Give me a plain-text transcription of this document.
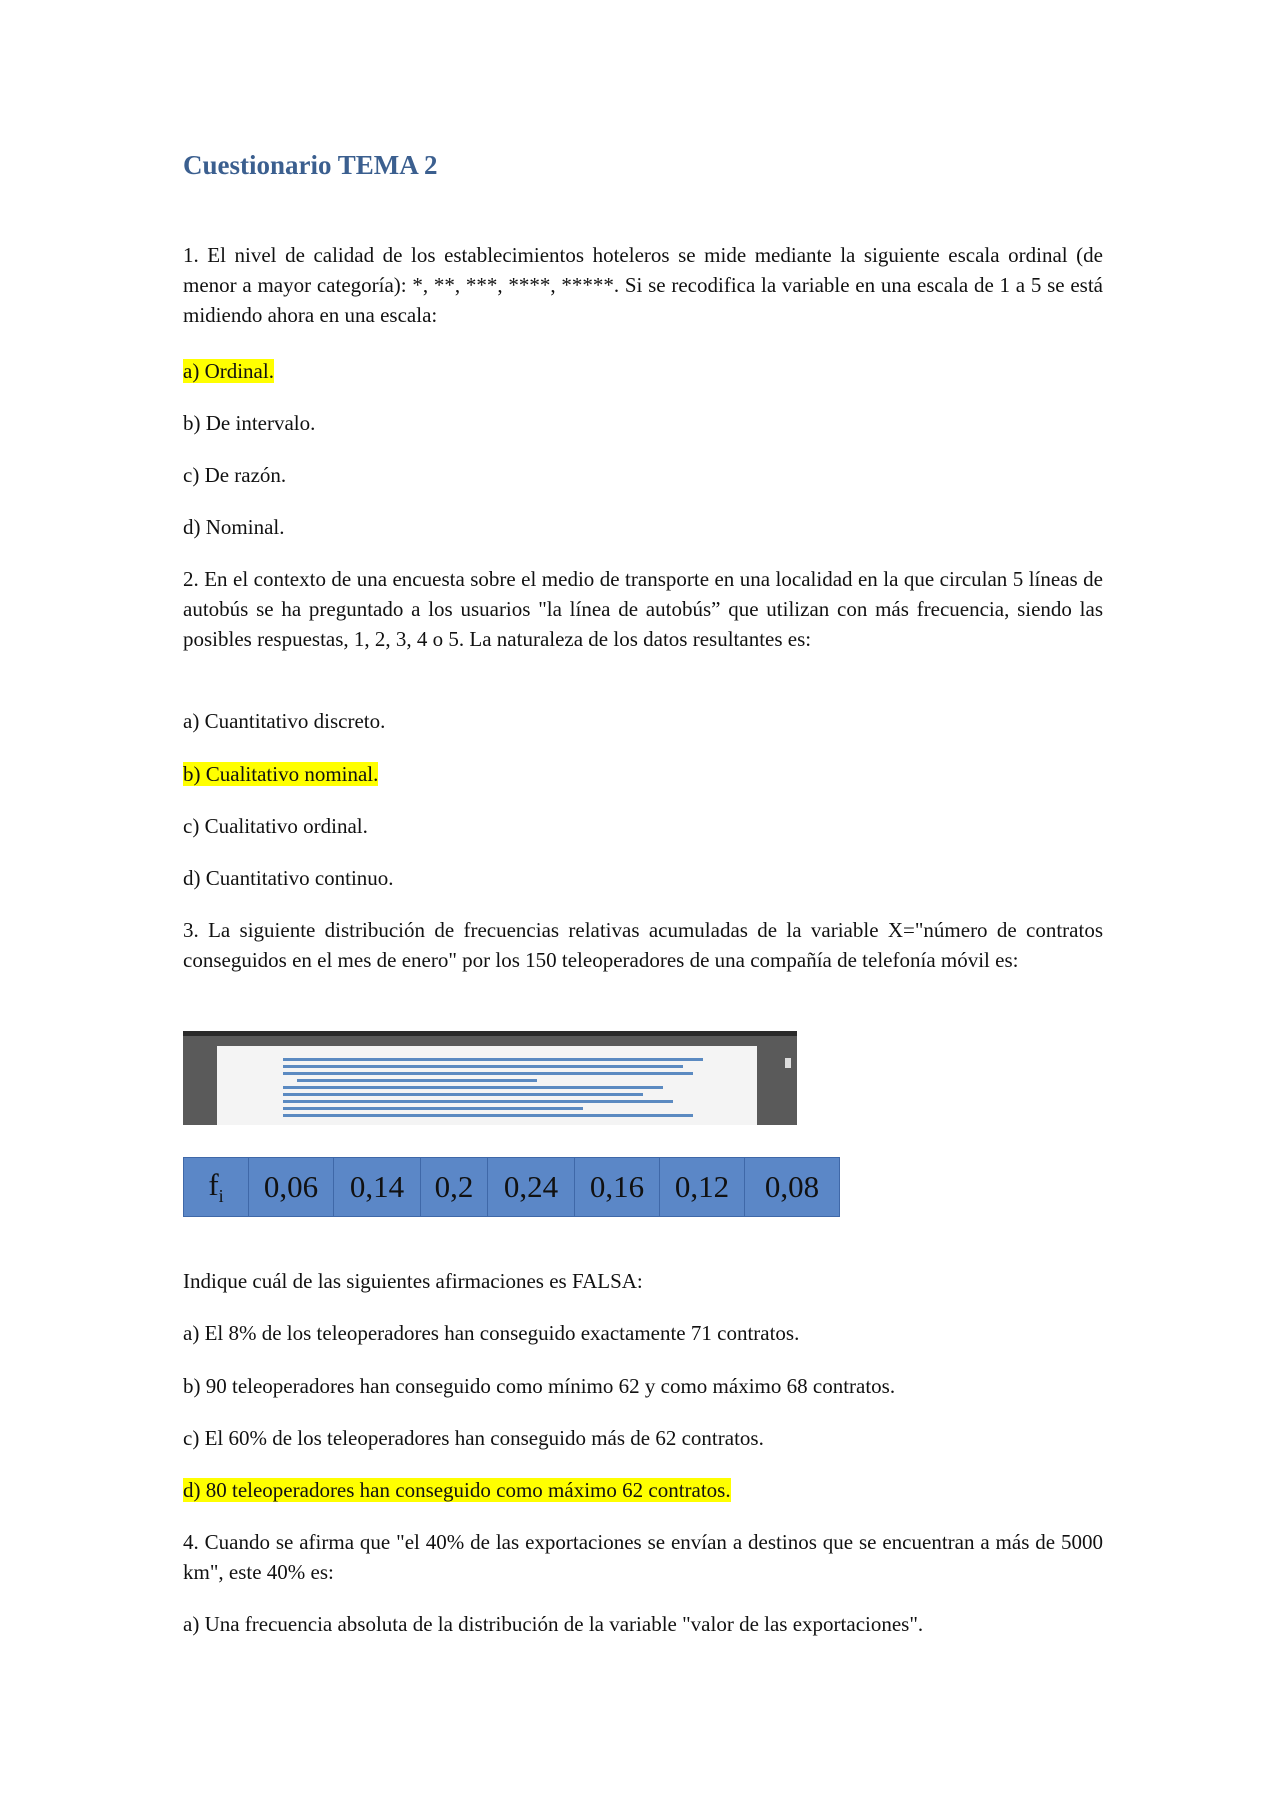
Cuestionario TEMA 2
1. El nivel de calidad de los establecimientos hoteleros se mide mediante la siguiente escala ordinal (de menor a mayor categoría): *, **, ***, ****, *****. Si se recodifica la variable en una escala de 1 a 5 se está midiendo ahora en una escala:
a) Ordinal.
b) De intervalo.
c) De razón.
d) Nominal.
2. En el contexto de una encuesta sobre el medio de transporte en una localidad en la que circulan 5 líneas de autobús se ha preguntado a los usuarios "la línea de autobús” que utilizan con más frecuencia, siendo las posibles respuestas, 1, 2, 3, 4 o 5. La naturaleza de los datos resultantes es:
a) Cuantitativo discreto.
b) Cualitativo nominal.
c) Cualitativo ordinal.
d) Cuantitativo continuo.
3. La siguiente distribución de frecuencias relativas acumuladas de la variable X="número de contratos conseguidos en el mes de enero" por los 150 teleoperadores de una compañía de telefonía móvil es:
$f_i$	0,06	0,14	0,2	0,24	0,16	0,12	0,08
Indique cuál de las siguientes afirmaciones es FALSA:
a) El 8% de los teleoperadores han conseguido exactamente 71 contratos.
b) 90 teleoperadores han conseguido como mínimo 62 y como máximo 68 contratos.
c) El 60% de los teleoperadores han conseguido más de 62 contratos.
d) 80 teleoperadores han conseguido como máximo 62 contratos.
4. Cuando se afirma que "el 40% de las exportaciones se envían a destinos que se encuentran a más de 5000 km", este 40% es:
a) Una frecuencia absoluta de la distribución de la variable "valor de las exportaciones".
